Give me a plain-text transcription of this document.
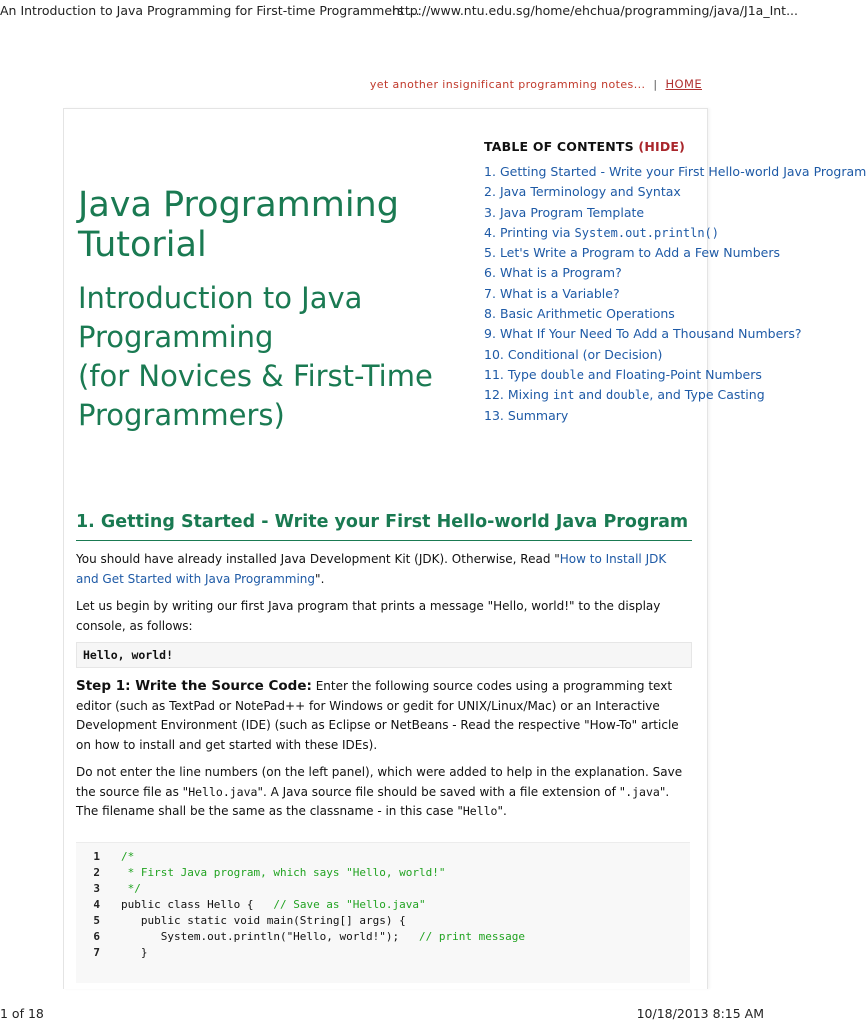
An Introduction to Java Programming for First-time Programmers ...
http://www.ntu.edu.sg/home/ehchua/programming/java/J1a_Int...
yet another insignificant programming notes... | HOME
Java Programming Tutorial
Introduction to Java
Programming
(for Novices & First-Time
Programmers)
TABLE OF CONTENTS (HIDE)
1. Getting Started - Write your First Hello-world Java Program
2. Java Terminology and Syntax
3. Java Program Template
4. Printing via System.out.println()
5. Let's Write a Program to Add a Few Numbers
6. What is a Program?
7. What is a Variable?
8. Basic Arithmetic Operations
9. What If Your Need To Add a Thousand Numbers?
10. Conditional (or Decision)
11. Type double and Floating-Point Numbers
12. Mixing int and double, and Type Casting
13. Summary
1. Getting Started - Write your First Hello-world Java Program

You should have already installed Java Development Kit (JDK). Otherwise, Read "How to Install JDK and Get Started with Java Programming".

Let us begin by writing our first Java program that prints a message "Hello, world!" to the display console, as follows:

Hello, world!

Step 1: Write the Source Code: Enter the following source codes using a programming text editor (such as TextPad or NotePad++ for Windows or gedit for UNIX/Linux/Mac) or an Interactive Development Environment (IDE) (such as Eclipse or NetBeans - Read the respective "How-To" article on how to install and get started with these IDEs).

Do not enter the line numbers (on the left panel), which were added to help in the explanation. Save the source file as "Hello.java". A Java source file should be saved with a file extension of ".java". The filename shall be the same as the classname - in this case "Hello".

1 /*
2 * First Java program, which says "Hello, world!"
3 */
4 public class Hello {   // Save as "Hello.java"
5 public static void main(String[] args) {
6 System.out.println("Hello, world!");   // print message
7 }
1 of 18	10/18/2013 8:15 AM
